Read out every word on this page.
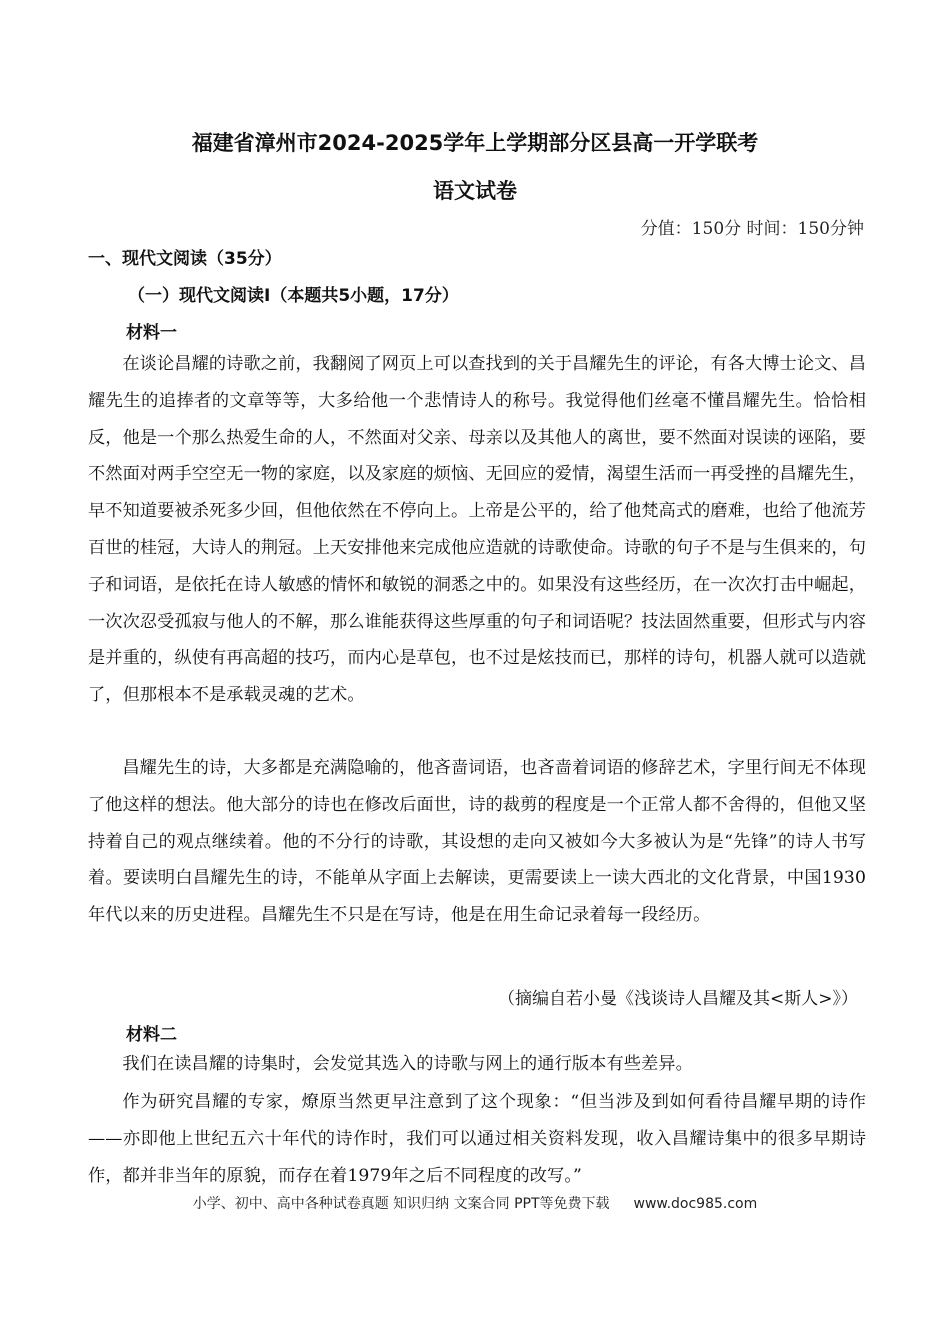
福建省漳州市2024-2025学年上学期部分区县高一开学联考
语文试卷
分值：150分 时间：150分钟
一、现代文阅读（35分）
（一）现代文阅读Ⅰ（本题共5小题，17分）
材料一

在谈论昌耀的诗歌之前，我翻阅了网页上可以查找到的关于昌耀先生的评论，有各大博士论文、昌耀先生的追捧者的文章等等，大多给他一个悲情诗人的称号。我觉得他们丝毫不懂昌耀先生。恰恰相反，他是一个那么热爱生命的人，不然面对父亲、母亲以及其他人的离世，要不然面对误读的诬陷，要不然面对两手空空无一物的家庭，以及家庭的烦恼、无回应的爱情，渴望生活而一再受挫的昌耀先生，早不知道要被杀死多少回，但他依然在不停向上。上帝是公平的，给了他梵高式的磨难，也给了他流芳百世的桂冠，大诗人的荆冠。上天安排他来完成他应造就的诗歌使命。诗歌的句子不是与生俱来的，句子和词语，是依托在诗人敏感的情怀和敏锐的洞悉之中的。如果没有这些经历，在一次次打击中崛起，一次次忍受孤寂与他人的不解，那么谁能获得这些厚重的句子和词语呢？技法固然重要，但形式与内容是并重的，纵使有再高超的技巧，而内心是草包，也不过是炫技而已，那样的诗句，机器人就可以造就了，但那根本不是承载灵魂的艺术。

昌耀先生的诗，大多都是充满隐喻的，他吝啬词语，也吝啬着词语的修辞艺术，字里行间无不体现了他这样的想法。他大部分的诗也在修改后面世，诗的裁剪的程度是一个正常人都不舍得的，但他又坚持着自己的观点继续着。他的不分行的诗歌，其设想的走向又被如今大多被认为是“先锋”的诗人书写着。要读明白昌耀先生的诗，不能单从字面上去解读，更需要读上一读大西北的文化背景，中国1930年代以来的历史进程。昌耀先生不只是在写诗，他是在用生命记录着每一段经历。

（摘编自若小曼《浅谈诗人昌耀及其<斯人>》）
材料二

我们在读昌耀的诗集时，会发觉其选入的诗歌与网上的通行版本有些差异。

作为研究昌耀的专家，燎原当然更早注意到了这个现象：“但当涉及到如何看待昌耀早期的诗作——亦即他上世纪五六十年代的诗作时，我们可以通过相关资料发现，收入昌耀诗集中的很多早期诗作，都并非当年的原貌，而存在着1979年之后不同程度的改写。”

小学、初中、高中各种试卷真题 知识归纳 文案合同 PPT等免费下载 www.doc985.com
